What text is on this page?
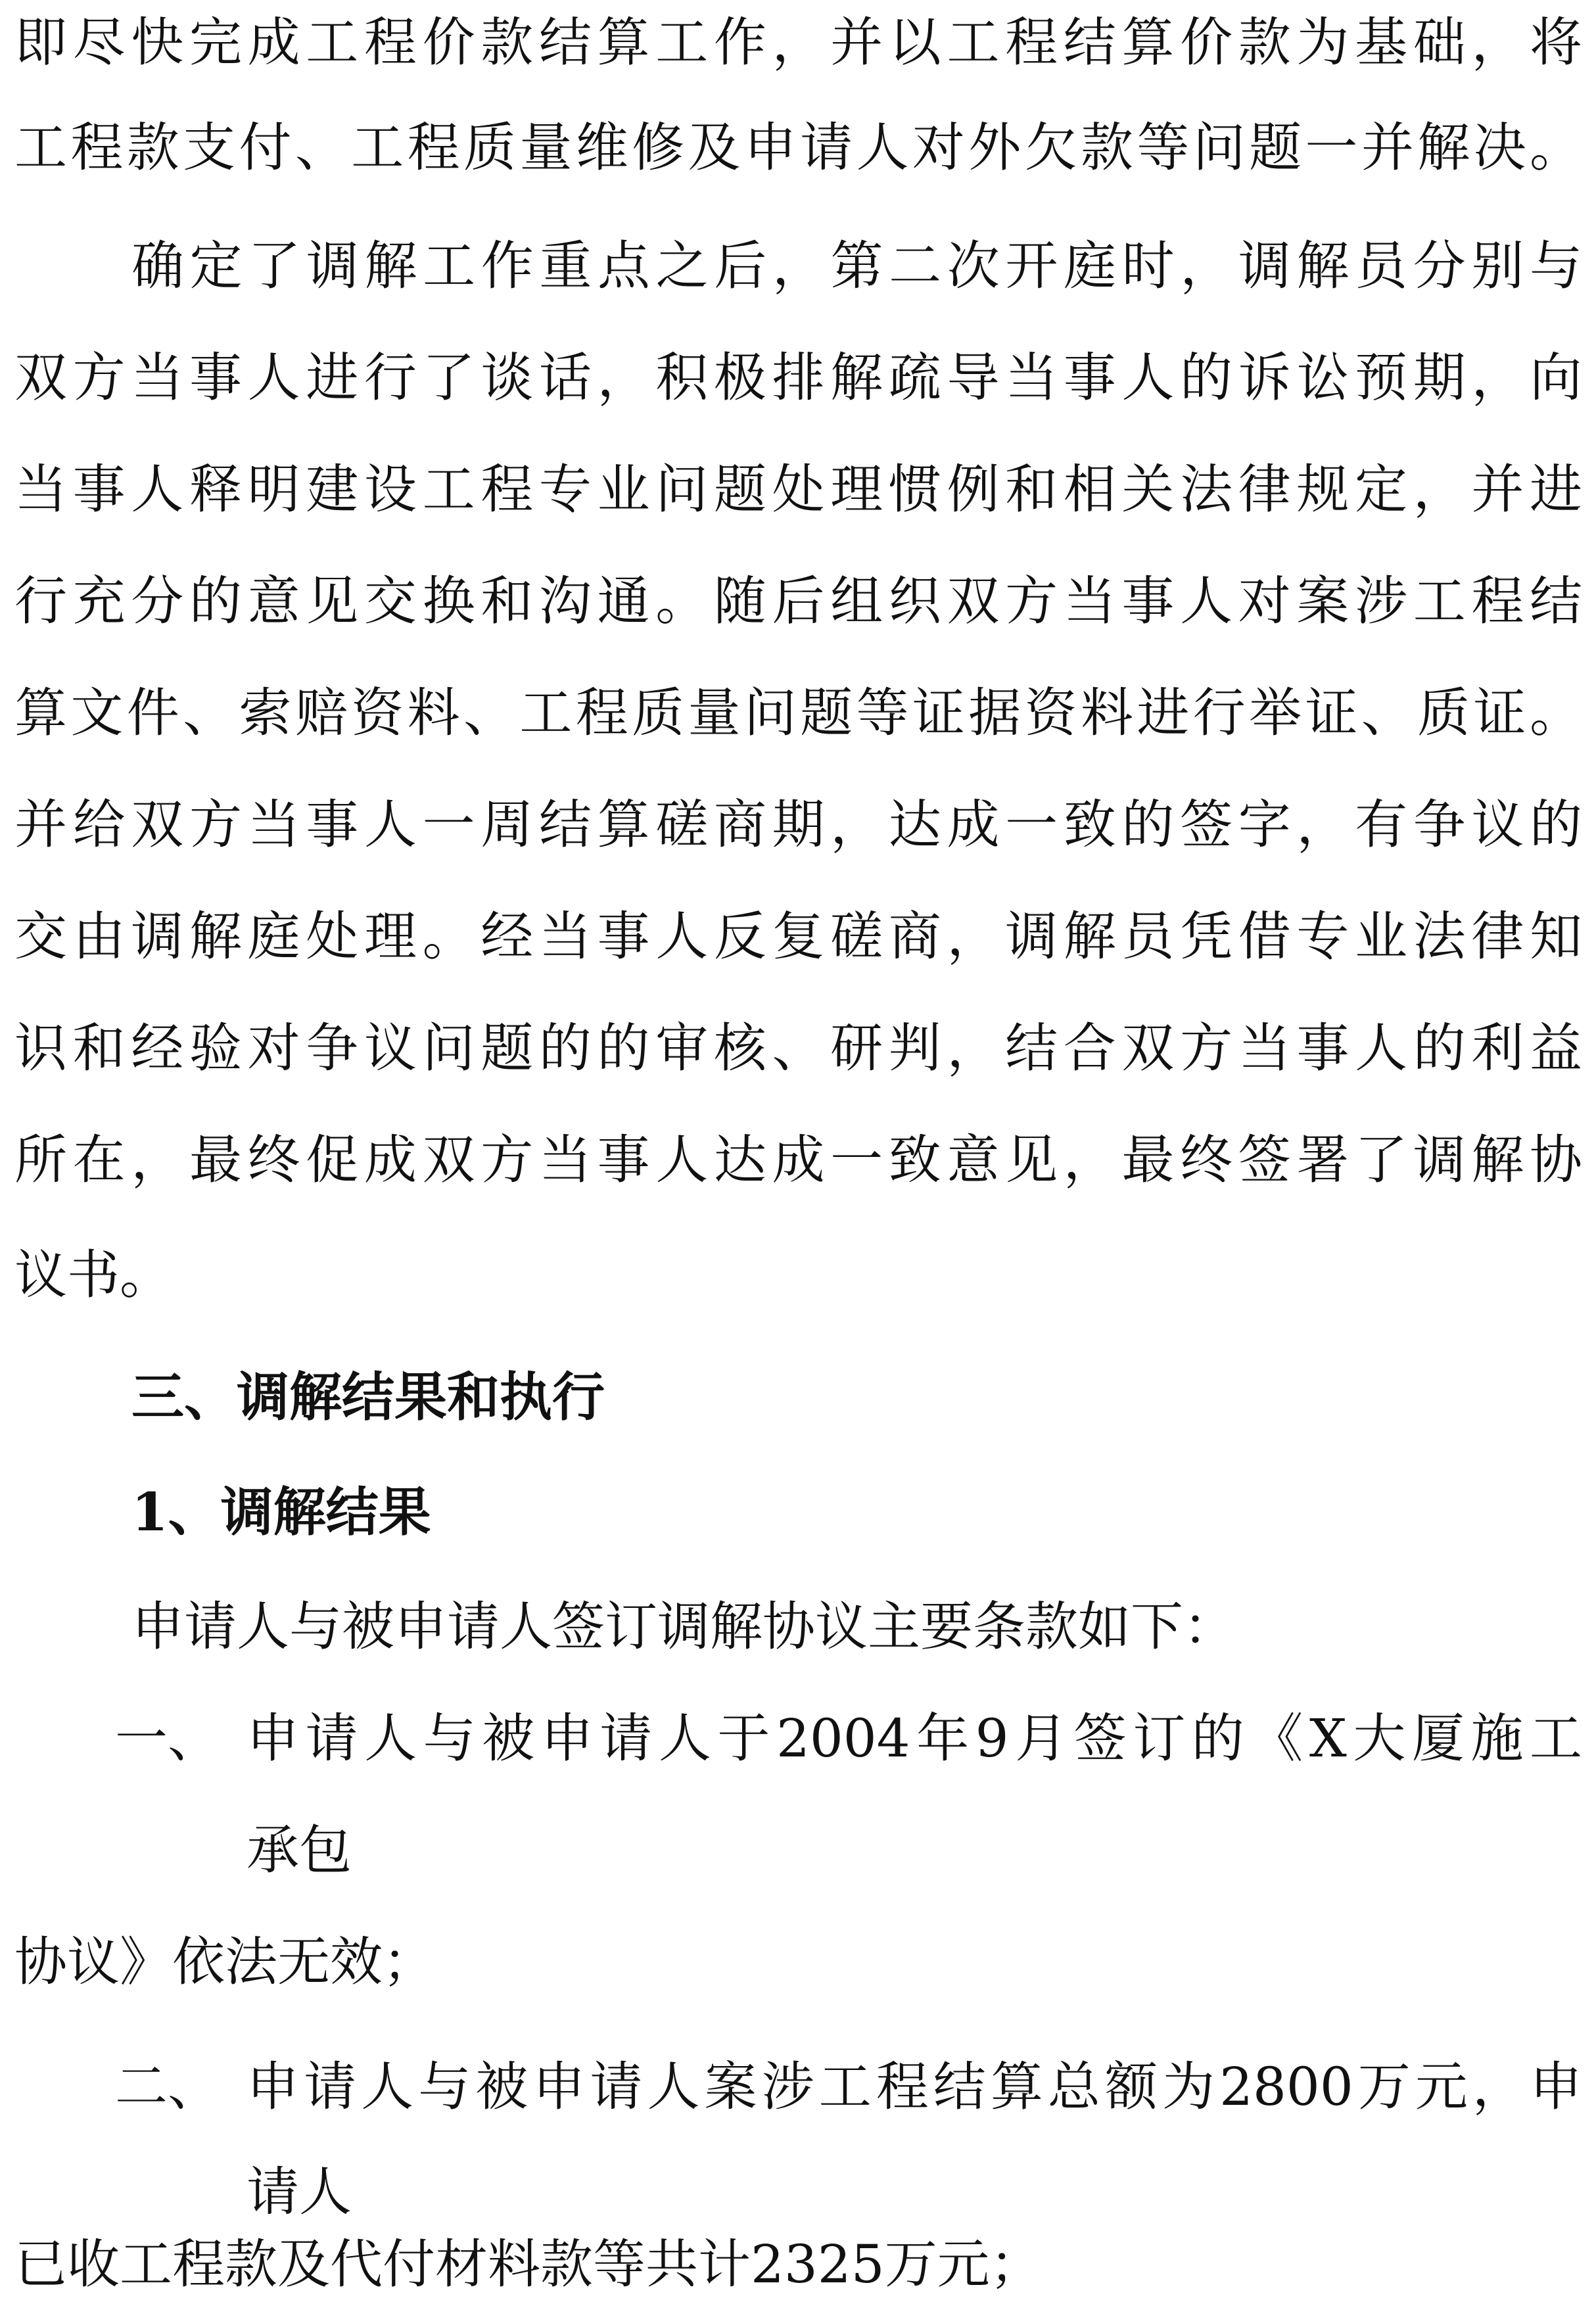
即尽快完成工程价款结算工作，并以工程结算价款为基础，将
工程款支付、工程质量维修及申请人对外欠款等问题一并解决。
确定了调解工作重点之后，第二次开庭时，调解员分别与
双方当事人进行了谈话，积极排解疏导当事人的诉讼预期，向
当事人释明建设工程专业问题处理惯例和相关法律规定，并进
行充分的意见交换和沟通。随后组织双方当事人对案涉工程结
算文件、索赔资料、工程质量问题等证据资料进行举证、质证。
并给双方当事人一周结算磋商期，达成一致的签字，有争议的
交由调解庭处理。经当事人反复磋商，调解员凭借专业法律知
识和经验对争议问题的的审核、研判，结合双方当事人的利益
所在，最终促成双方当事人达成一致意见，最终签署了调解协
议书。
三、调解结果和执行
1、调解结果
申请人与被申请人签订调解协议主要条款如下：
一、 申请人与被申请人于2004年9月签订的《X大厦施工
承包
协议》依法无效；
二、 申请人与被申请人案涉工程结算总额为2800万元，申
请人
已收工程款及代付材料款等共计2325万元；
